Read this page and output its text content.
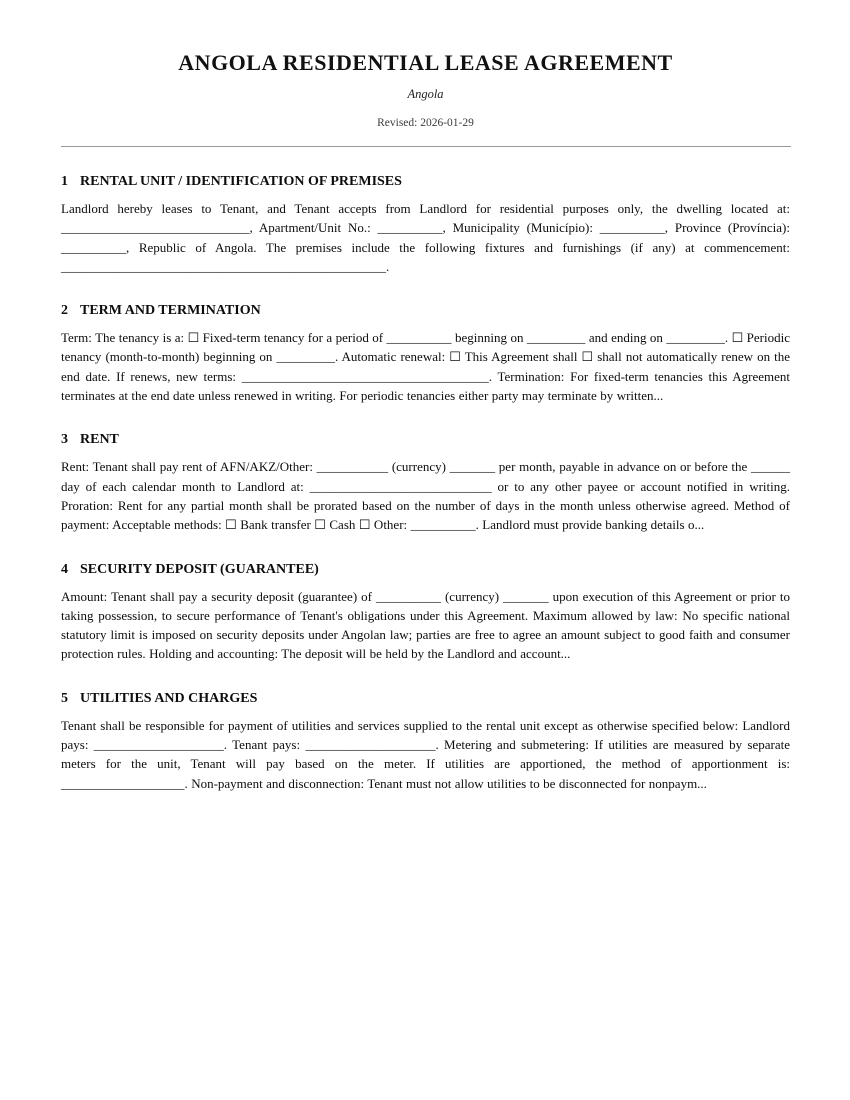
ANGOLA RESIDENTIAL LEASE AGREEMENT

Angola

Revised: 2026-01-29

1 RENTAL UNIT / IDENTIFICATION OF PREMISES

Landlord hereby leases to Tenant, and Tenant accepts from Landlord for residential purposes only, the dwelling located at: _____________________________, Apartment/Unit No.: __________, Municipality (Município): __________, Province (Província): __________, Republic of Angola. The premises include the following fixtures and furnishings (if any) at commencement: __________________________________________________.

2 TERM AND TERMINATION

Term: The tenancy is a: ☐ Fixed-term tenancy for a period of __________ beginning on _________ and ending on _________. ☐ Periodic tenancy (month-to-month) beginning on _________. Automatic renewal: ☐ This Agreement shall ☐ shall not automatically renew on the end date. If renews, new terms: ______________________________________. Termination: For fixed-term tenancies this Agreement terminates at the end date unless renewed in writing. For periodic tenancies either party may terminate by written...

3 RENT

Rent: Tenant shall pay rent of AFN/AKZ/Other: ___________ (currency) _______ per month, payable in advance on or before the ______ day of each calendar month to Landlord at: ____________________________ or to any other payee or account notified in writing. Proration: Rent for any partial month shall be prorated based on the number of days in the month unless otherwise agreed. Method of payment: Acceptable methods: ☐ Bank transfer ☐ Cash ☐ Other: __________. Landlord must provide banking details o...

4 SECURITY DEPOSIT (GUARANTEE)

Amount: Tenant shall pay a security deposit (guarantee) of __________ (currency) _______ upon execution of this Agreement or prior to taking possession, to secure performance of Tenant's obligations under this Agreement. Maximum allowed by law: No specific national statutory limit is imposed on security deposits under Angolan law; parties are free to agree an amount subject to good faith and consumer protection rules. Holding and accounting: The deposit will be held by the Landlord and account...

5 UTILITIES AND CHARGES

Tenant shall be responsible for payment of utilities and services supplied to the rental unit except as otherwise specified below: Landlord pays: ____________________. Tenant pays: ____________________. Metering and submetering: If utilities are measured by separate meters for the unit, Tenant will pay based on the meter. If utilities are apportioned, the method of apportionment is: ___________________. Non-payment and disconnection: Tenant must not allow utilities to be disconnected for nonpaym...
